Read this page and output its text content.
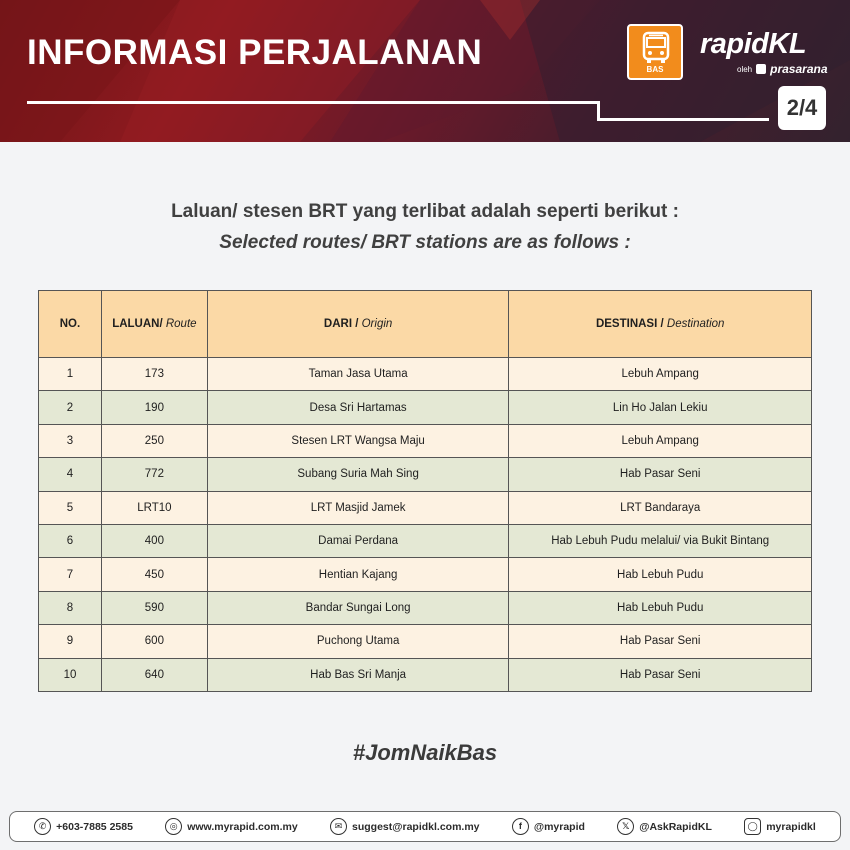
INFORMASI PERJALANAN	BAS
rapidKL
oleh prasarana
2/4
Laluan/ stesen BRT yang terlibat adalah seperti berikut :
Selected routes/ BRT stations are as follows :
NO.	LALUAN/ Route	DARI / Origin	DESTINASI / Destination
1	173	Taman Jasa Utama	Lebuh Ampang
2	190	Desa Sri Hartamas	Lin Ho Jalan Lekiu
3	250	Stesen LRT Wangsa Maju	Lebuh Ampang
4	772	Subang Suria Mah Sing	Hab Pasar Seni
5	LRT10	LRT Masjid Jamek	LRT Bandaraya
6	400	Damai Perdana	Hab Lebuh Pudu melalui/ via Bukit Bintang
7	450	Hentian Kajang	Hab Lebuh Pudu
8	590	Bandar Sungai Long	Hab Lebuh Pudu
9	600	Puchong Utama	Hab Pasar Seni
10	640	Hab Bas Sri Manja	Hab Pasar Seni
#JomNaikBas
✆ +603-7885 2585	◎ www.myrapid.com.my	✉ suggest@rapidkl.com.my	f	@myrapid	𝕏 @AskRapidKL	◯ myrapidkl
